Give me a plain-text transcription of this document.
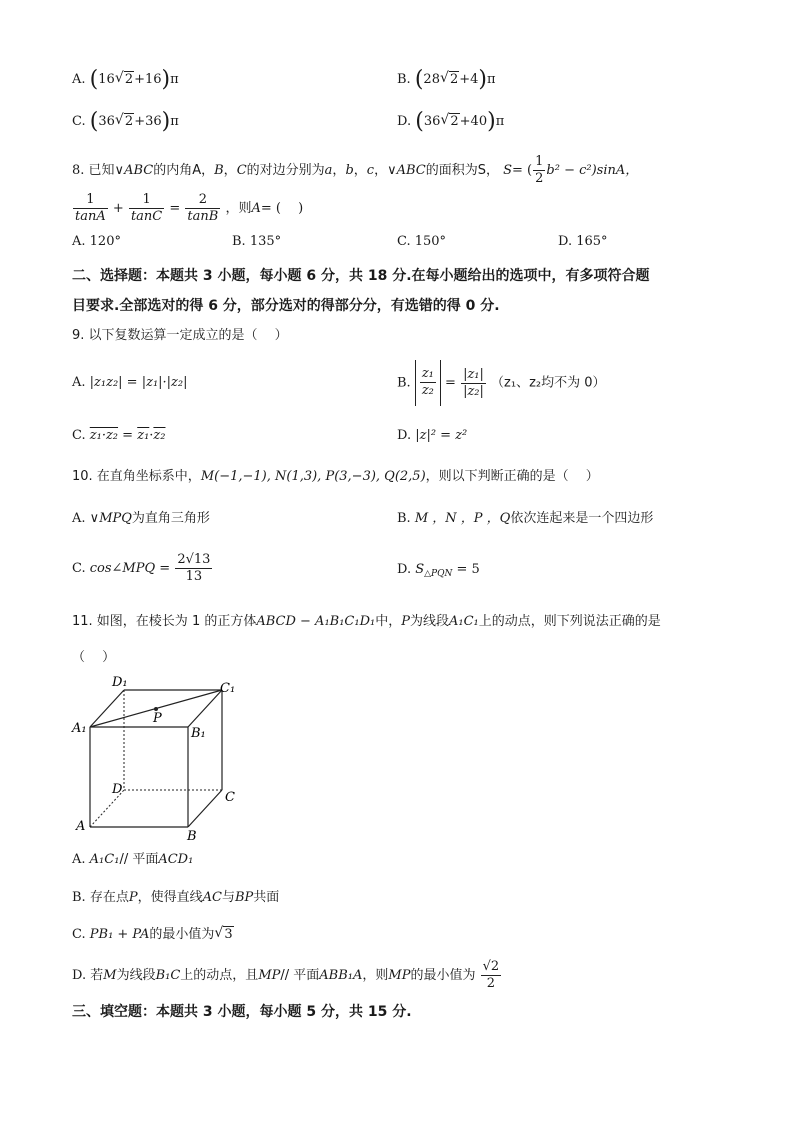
A. (16 √ 2+16)π	B. (28 √ 2+4)π
C. (36 √ 2+36)π	D. (36 √ 2+40)π
8. 已知∨ABC的内角A，B，C的对边分别为a，b，c，∨ABC的面积为S， S= ( $\frac{1}{2} b^2 - c^2)\sin A$，
$\frac{1}{\tan A} + \frac{1}{\tan C} = \frac{2}{\tan B}$ ，则A= (　 )
A. 120°	B. 135°	C. 150°	D. 165°
二、选择题：本题共 3 小题，每小题 6 分，共 18 分.在每小题给出的选项中，有多项符合题
目要求.全部选对的得 6 分，部分选对的得部分分，有选错的得 0 分.
9. 以下复数运算一定成立的是（　 ）
A. |z₁z₂| = |z₁|·|z₂|	B. $\frac{\text{z₁}}{\text{z₂}} = \frac{\text{|z₁|}}{\text{|z₂|}} (z_1$、z₂均不为 0）
C. z₁·z₂ = z₁·z₂	D. |z|² = z²
10. 在直角坐标系中，M(−1,−1), N(1,3), P(3,−3), Q(2,5)，则以下判断正确的是（　 ）
A. ∨MPQ为直角三角形	B. M ，N ，P ，Q依次连起来是一个四边形
C. cos∠MPQ = $\frac{2√13}{13}$	D. $S_{\triangle PQN} = 5$
11. 如图，在棱长为 1 的正方体ABCD − A₁B₁C₁D₁中，P为线段A₁C₁上的动点，则下列说法正确的是
（　 ）
D₁	C₁
A₁	B₁
P
D
C
A
B
A. A₁C₁// 平面ACD₁
B. 存在点P，使得直线AC与BP共面
C. PB₁ + PA的最小值为 √ 3
D. 若M为线段B₁C上的动点，且MP// 平面ABB₁A，则MP的最小值为 $\frac{√2}{2}$
三、填空题：本题共 3 小题，每小题 5 分，共 15 分.
